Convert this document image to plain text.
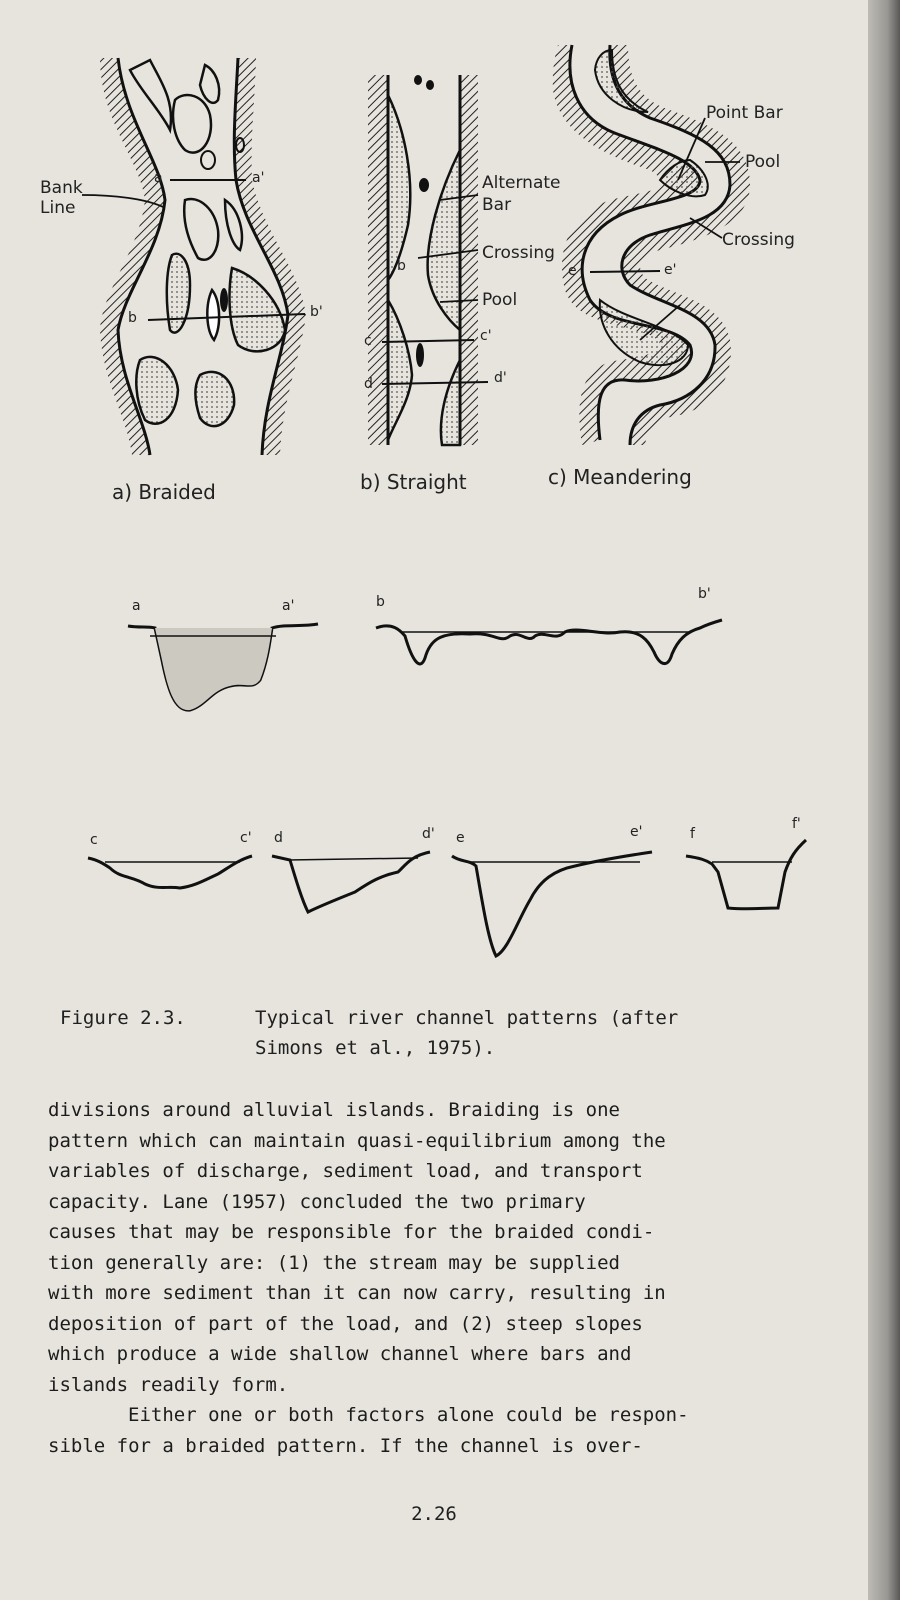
Bank
Line
Alternate
Bar
Crossing
Pool
Point Bar
Pool
Crossing
a) Braided	b) Straight	c) Meandering
a	a'
b	b'
b
c	c'
d	d'
e	e'
a	a'	b	b'
c	c' d	d' e	e'	f
f'
Figure 2.3.	Typical river channel patterns (after
Simons et al., 1975).
divisions around alluvial islands. Braiding is one
pattern which can maintain quasi-equilibrium among the
variables of discharge, sediment load, and transport
capacity. Lane (1957) concluded the two primary
causes that may be responsible for the braided condi-
tion generally are: (1) the stream may be supplied
with more sediment than it can now carry, resulting in
deposition of part of the load, and (2) steep slopes
which produce a wide shallow channel where bars and
islands readily form.
Either one or both factors alone could be respon-
sible for a braided pattern. If the channel is over-
2.26
